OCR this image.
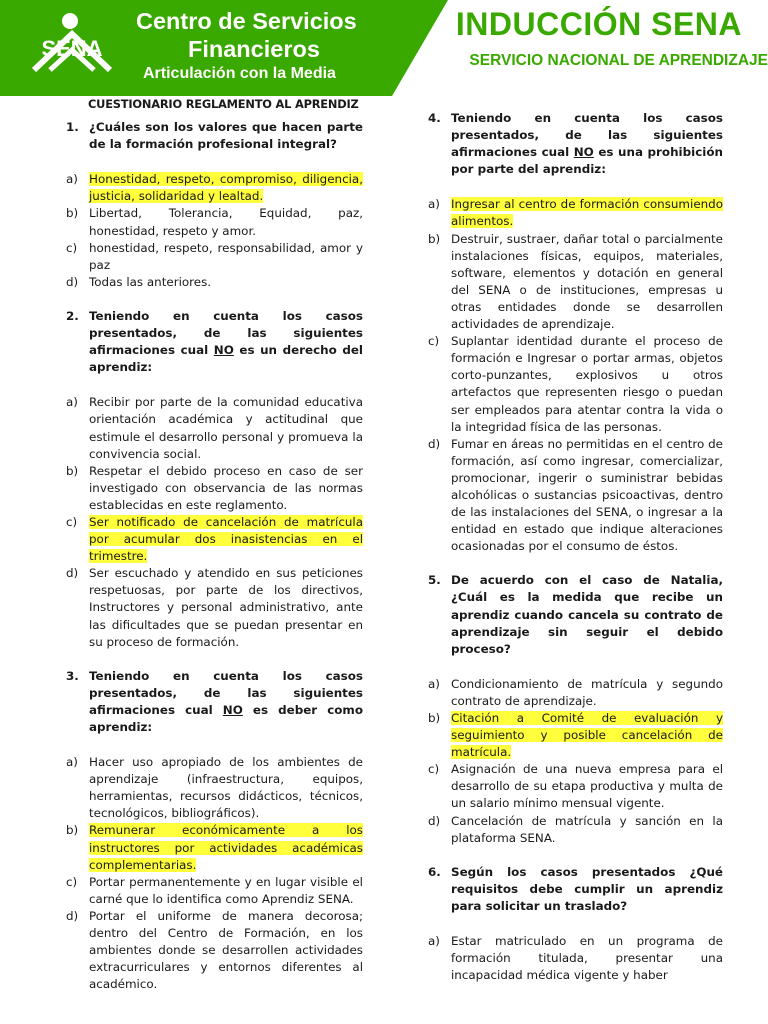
SENA
Centro de Servicios
Financieros
Articulación con la Media
INDUCCIÓN SENA
SERVICIO NACIONAL DE APRENDIZAJE
CUESTIONARIO REGLAMENTO AL APRENDIZ
1. ¿Cuáles son los valores que hacen parte de la formación profesional integral?
a) Honestidad, respeto, compromiso, diligencia, justicia, solidaridad y lealtad.
b) Libertad, Tolerancia, Equidad, paz, honestidad, respeto y amor.
c) honestidad, respeto, responsabilidad, amor y paz
d) Todas las anteriores.
2. Teniendo en cuenta los casos presentados, de las siguientes afirmaciones cual NO es un derecho del aprendiz:
a) Recibir por parte de la comunidad educativa orientación académica y actitudinal que estimule el desarrollo personal y promueva la convivencia social.
b) Respetar el debido proceso en caso de ser investigado con observancia de las normas establecidas en este reglamento.
c) Ser notificado de cancelación de matrícula por acumular dos inasistencias en el trimestre.
d) Ser escuchado y atendido en sus peticiones respetuosas, por parte de los directivos, Instructores y personal administrativo, ante las dificultades que se puedan presentar en su proceso de formación.
3. Teniendo en cuenta los casos presentados, de las siguientes afirmaciones cual NO es deber como aprendiz:
a) Hacer uso apropiado de los ambientes de aprendizaje (infraestructura, equipos, herramientas, recursos didácticos, técnicos, tecnológicos, bibliográficos).
b) Remunerar económicamente a los instructores por actividades académicas complementarias.
c) Portar permanentemente y en lugar visible el carné que lo identifica como Aprendiz SENA.
d) Portar el uniforme de manera decorosa; dentro del Centro de Formación, en los ambientes donde se desarrollen actividades extracurriculares y entornos diferentes al académico.
4. Teniendo en cuenta los casos presentados, de las siguientes afirmaciones cual NO es una prohibición por parte del aprendiz:
a) Ingresar al centro de formación consumiendo alimentos.
b) Destruir, sustraer, dañar total o parcialmente instalaciones físicas, equipos, materiales, software, elementos y dotación en general del SENA o de instituciones, empresas u otras entidades donde se desarrollen actividades de aprendizaje.
c) Suplantar identidad durante el proceso de formación e Ingresar o portar armas, objetos corto-punzantes, explosivos u otros artefactos que representen riesgo o puedan ser empleados para atentar contra la vida o la integridad física de las personas.
d) Fumar en áreas no permitidas en el centro de formación, así como ingresar, comercializar, promocionar, ingerir o suministrar bebidas alcohólicas o sustancias psicoactivas, dentro de las instalaciones del SENA, o ingresar a la entidad en estado que indique alteraciones ocasionadas por el consumo de éstos.
5. De acuerdo con el caso de Natalia, ¿Cuál es la medida que recibe un aprendiz cuando cancela su contrato de aprendizaje sin seguir el debido proceso?
a) Condicionamiento de matrícula y segundo contrato de aprendizaje.
b) Citación a Comité de evaluación y seguimiento y posible cancelación de matrícula.
c) Asignación de una nueva empresa para el desarrollo de su etapa productiva y multa de un salario mínimo mensual vigente.
d) Cancelación de matrícula y sanción en la plataforma SENA.
6. Según los casos presentados ¿Qué requisitos debe cumplir un aprendiz para solicitar un traslado?
a) Estar matriculado en un programa de formación titulada, presentar una incapacidad médica vigente y haber
